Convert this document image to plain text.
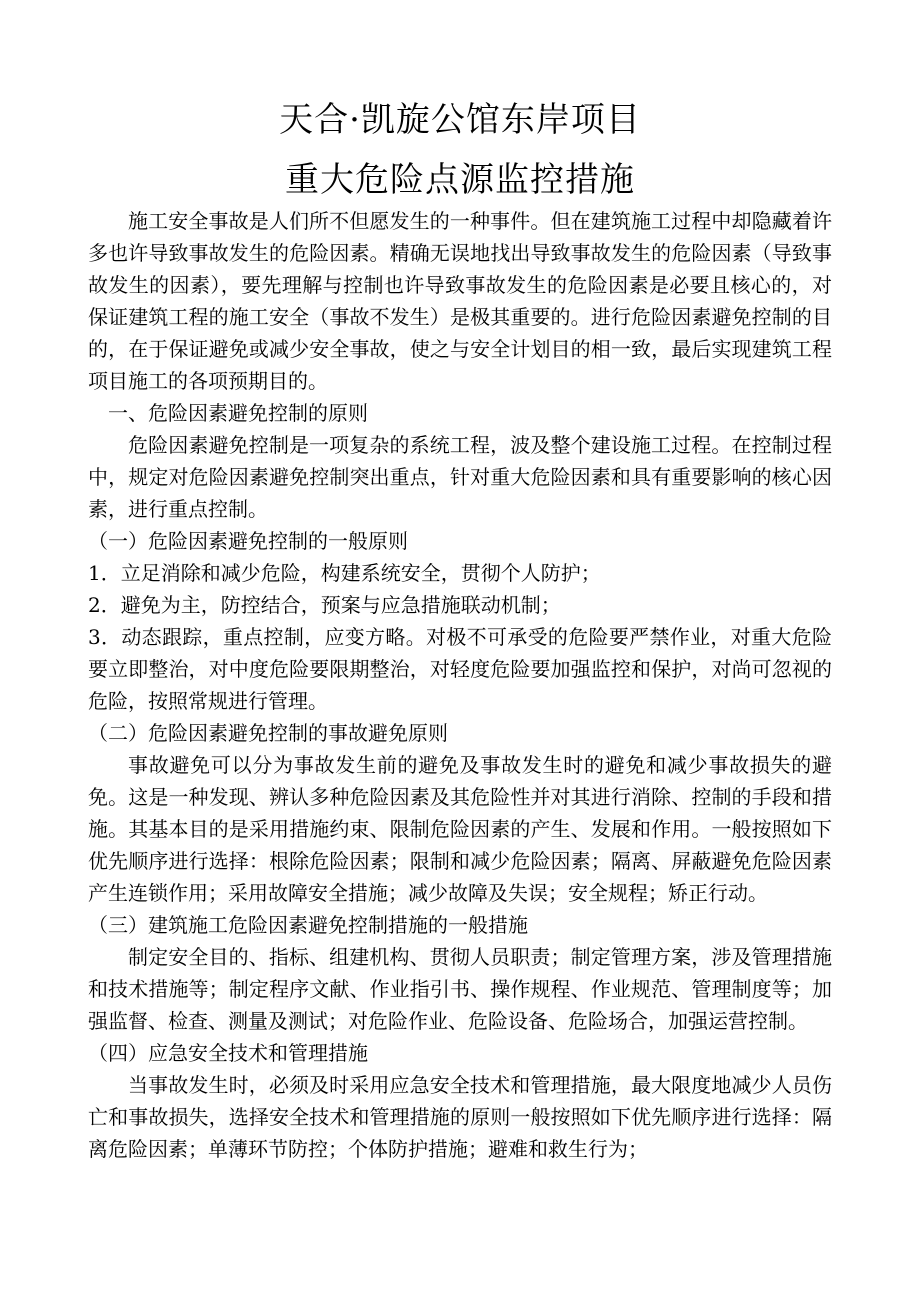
天合·凯旋公馆东岸项目
重大危险点源监控措施

施工安全事故是人们所不但愿发生的一种事件。但在建筑施工过程中却隐藏着许多也许导致事故发生的危险因素。精确无误地找出导致事故发生的危险因素（导致事故发生的因素），要先理解与控制也许导致事故发生的危险因素是必要且核心的，对保证建筑工程的施工安全（事故不发生）是极其重要的。进行危险因素避免控制的目的，在于保证避免或减少安全事故，使之与安全计划目的相一致，最后实现建筑工程项目施工的各项预期目的。

一、危险因素避免控制的原则

危险因素避免控制是一项复杂的系统工程，波及整个建设施工过程。在控制过程中，规定对危险因素避免控制突出重点，针对重大危险因素和具有重要影响的核心因素，进行重点控制。

（一）危险因素避免控制的一般原则

1．立足消除和减少危险，构建系统安全，贯彻个人防护；

2．避免为主，防控结合，预案与应急措施联动机制；

3．动态跟踪，重点控制，应变方略。对极不可承受的危险要严禁作业，对重大危险要立即整治，对中度危险要限期整治，对轻度危险要加强监控和保护，对尚可忽视的危险，按照常规进行管理。

（二）危险因素避免控制的事故避免原则

事故避免可以分为事故发生前的避免及事故发生时的避免和减少事故损失的避免。这是一种发现、辨认多种危险因素及其危险性并对其进行消除、控制的手段和措施。其基本目的是采用措施约束、限制危险因素的产生、发展和作用。一般按照如下优先顺序进行选择：根除危险因素；限制和减少危险因素；隔离、屏蔽避免危险因素产生连锁作用；采用故障安全措施；减少故障及失误；安全规程；矫正行动。

（三）建筑施工危险因素避免控制措施的一般措施

制定安全目的、指标、组建机构、贯彻人员职责；制定管理方案，涉及管理措施和技术措施等；制定程序文献、作业指引书、操作规程、作业规范、管理制度等；加强监督、检查、测量及测试；对危险作业、危险设备、危险场合，加强运营控制。

（四）应急安全技术和管理措施

当事故发生时，必须及时采用应急安全技术和管理措施，最大限度地减少人员伤亡和事故损失，选择安全技术和管理措施的原则一般按照如下优先顺序进行选择：隔离危险因素；单薄环节防控；个体防护措施；避难和救生行为；
